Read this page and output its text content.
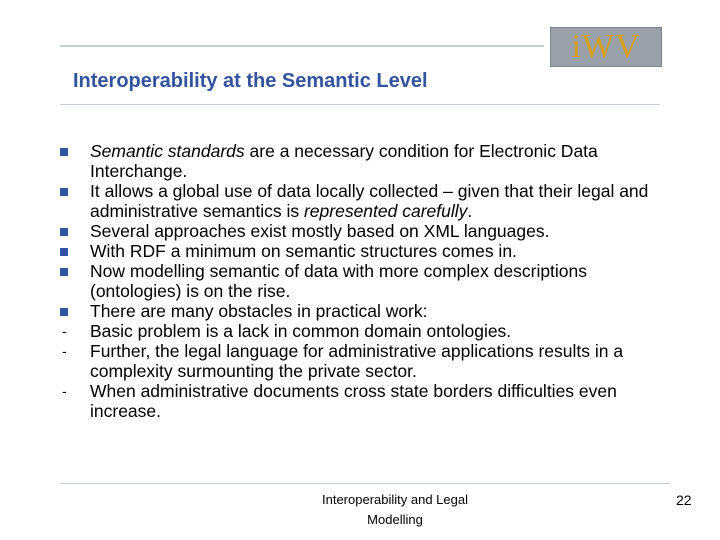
iWV
Interoperability at the Semantic Level
Semantic standards are a necessary condition for Electronic Data Interchange.
It allows a global use of data locally collected – given that their legal and administrative semantics is represented carefully.
Several approaches exist mostly based on XML languages.
With RDF a minimum on semantic structures comes in.
Now modelling semantic of data with more complex descriptions (ontologies) is on the rise.
There are many obstacles in practical work:
- Basic problem is a lack in common domain ontologies.
- Further, the legal language for administrative applications results in a complexity surmounting the private sector.
- When administrative documents cross state borders difficulties even increase.
Interoperability and Legal Modelling
22
